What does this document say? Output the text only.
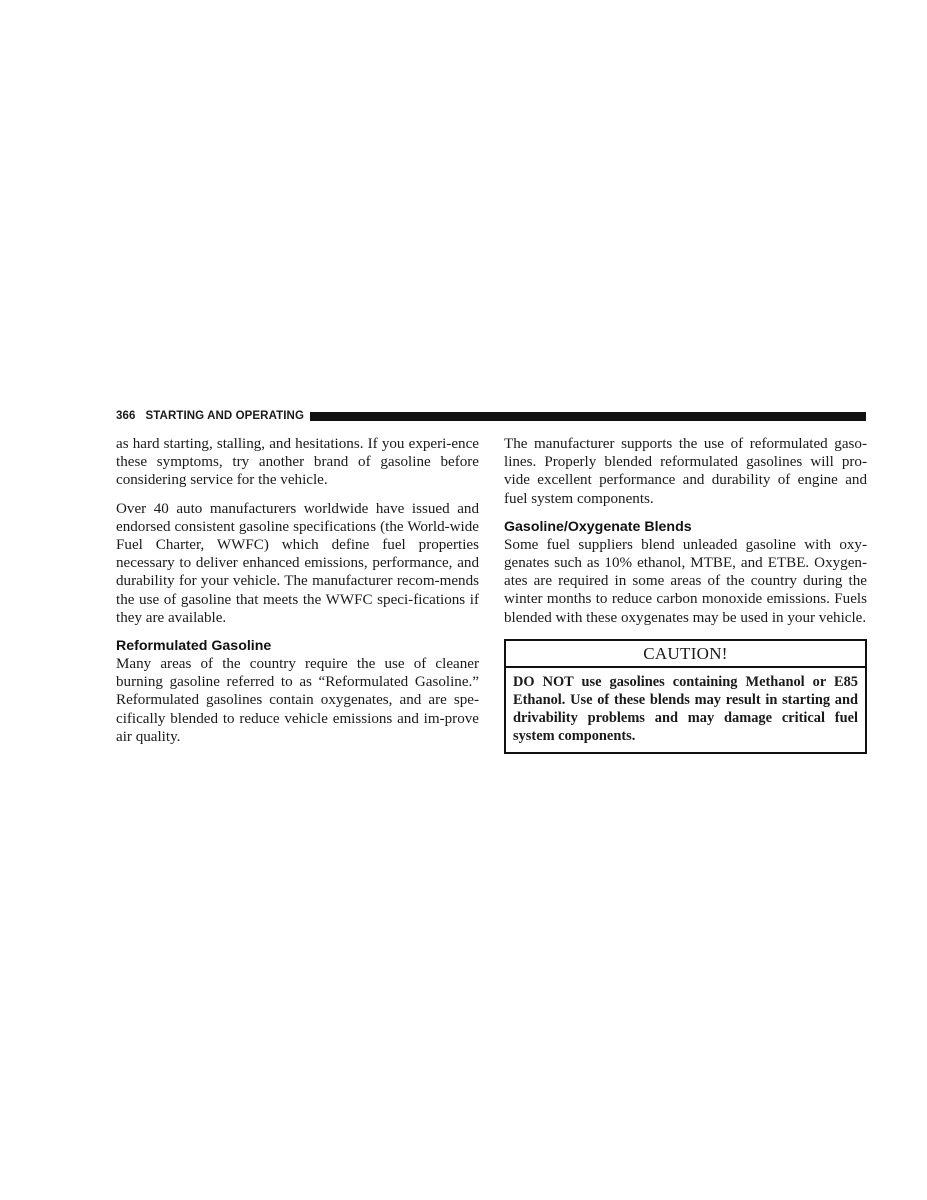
366 STARTING AND OPERATING

as hard starting, stalling, and hesitations. If you experi-ence these symptoms, try another brand of gasoline before considering service for the vehicle.

Over 40 auto manufacturers worldwide have issued and endorsed consistent gasoline specifications (the World-wide Fuel Charter, WWFC) which define fuel properties necessary to deliver enhanced emissions, performance, and durability for your vehicle. The manufacturer recom-mends the use of gasoline that meets the WWFC speci-fications if they are available.

Reformulated Gasoline

Many areas of the country require the use of cleaner burning gasoline referred to as “Reformulated Gasoline.” Reformulated gasolines contain oxygenates, and are spe-cifically blended to reduce vehicle emissions and im-prove air quality.

The manufacturer supports the use of reformulated gaso-lines. Properly blended reformulated gasolines will pro-vide excellent performance and durability of engine and fuel system components.

Gasoline/Oxygenate Blends

Some fuel suppliers blend unleaded gasoline with oxy-genates such as 10% ethanol, MTBE, and ETBE. Oxygen-ates are required in some areas of the country during the winter months to reduce carbon monoxide emissions. Fuels blended with these oxygenates may be used in your vehicle.

CAUTION!
DO NOT use gasolines containing Methanol or E85 Ethanol. Use of these blends may result in starting and drivability problems and may damage critical fuel system components.
